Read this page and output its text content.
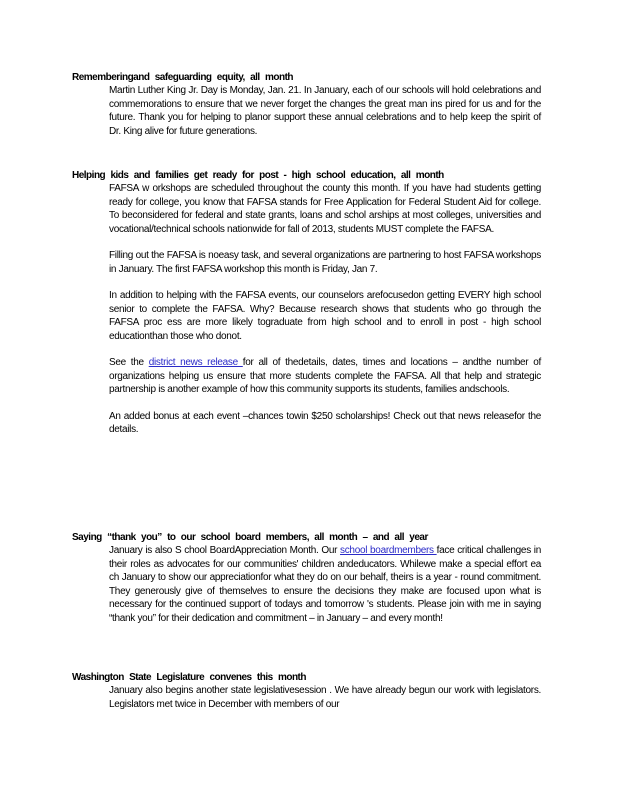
Rememberingand safeguarding equity, all month

Martin Luther King Jr. Day is Monday, Jan. 21. In January, each of our schools will hold celebrations and commemorations to ensure that we never forget the changes the great man ins pired for us and for the future. Thank you for helping to planor support these annual celebrations and to help keep the spirit of Dr. King alive for future generations.

Helping kids and families get ready for post - high school education, all month

FAFSA w orkshops are scheduled throughout the county this month. If you have had students getting ready for college, you know that FAFSA stands for Free Application for Federal Student Aid for college. To beconsidered for federal and state grants, loans and schol arships at most colleges, universities and vocational/technical schools nationwide for fall of 2013, students MUST complete the FAFSA.

Filling out the FAFSA is noeasy task, and several organizations are partnering to host FAFSA workshops in January. The first FAFSA workshop this month is Friday, Jan 7.

In addition to helping with the FAFSA events, our counselors arefocusedon getting EVERY high school senior to complete the FAFSA. Why? Because research shows that students who go through the FAFSA proc ess are more likely tograduate from high school and to enroll in post - high school educationthan those who donot.

See the district news release for all of thedetails, dates, times and locations – andthe number of organizations helping us ensure that more students complete the FAFSA. All that help and strategic partnership is another example of how this community supports its students, families andschools.

An added bonus at each event –chances towin $250 scholarships! Check out that news releasefor the details.

Saying “thank you” to our school board members, all month – and all year

January is also S chool BoardAppreciation Month. Our school boardmembers face critical challenges in their roles as advocates for our communities' children andeducators. Whilewe make a special effort ea ch January to show our appreciationfor what they do on our behalf, theirs is a year - round commitment. They generously give of themselves to ensure the decisions they make are focused upon what is necessary for the continued support of todays and tomorrow 's students. Please join with me in saying “thank you” for their dedication and commitment – in January – and every month!

Washington State Legislature convenes this month

January also begins another state legislativesession . We have already begun our work with legislators. Legislators met twice in December with members of our
